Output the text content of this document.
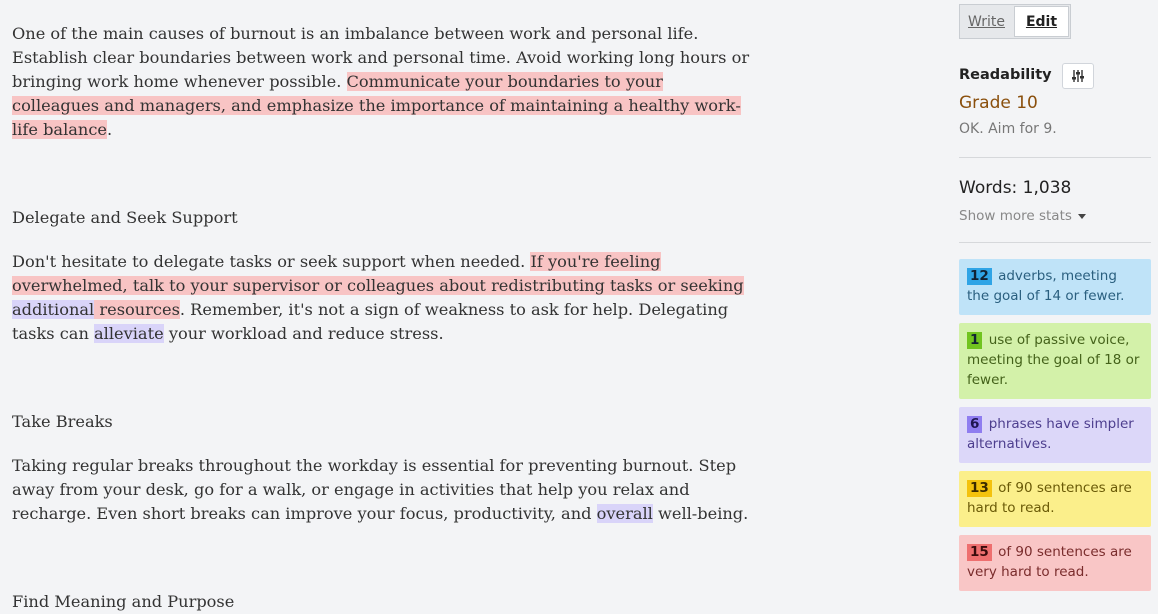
One of the main causes of burnout is an imbalance between work and personal life. Establish clear boundaries between work and personal time. Avoid working long hours or bringing work home whenever possible. Communicate your boundaries to your colleagues and managers, and emphasize the importance of maintaining a healthy work-life balance.

Delegate and Seek Support

Don't hesitate to delegate tasks or seek support when needed. If you're feeling overwhelmed, talk to your supervisor or colleagues about redistributing tasks or seeking additional resources. Remember, it's not a sign of weakness to ask for help. Delegating tasks can alleviate your workload and reduce stress.

Take Breaks

Taking regular breaks throughout the workday is essential for preventing burnout. Step away from your desk, go for a walk, or engage in activities that help you relax and recharge. Even short breaks can improve your focus, productivity, and overall well-being.

Find Meaning and Purpose

Write	Edit
Readability
Grade 10
OK. Aim for 9.
Words: 1,038
Show more stats
12 adverbs, meeting the goal of 14 or fewer.
1 use of passive voice, meeting the goal of 18 or fewer.
6 phrases have simpler alternatives.
13 of 90 sentences are hard to read.
15 of 90 sentences are very hard to read.
